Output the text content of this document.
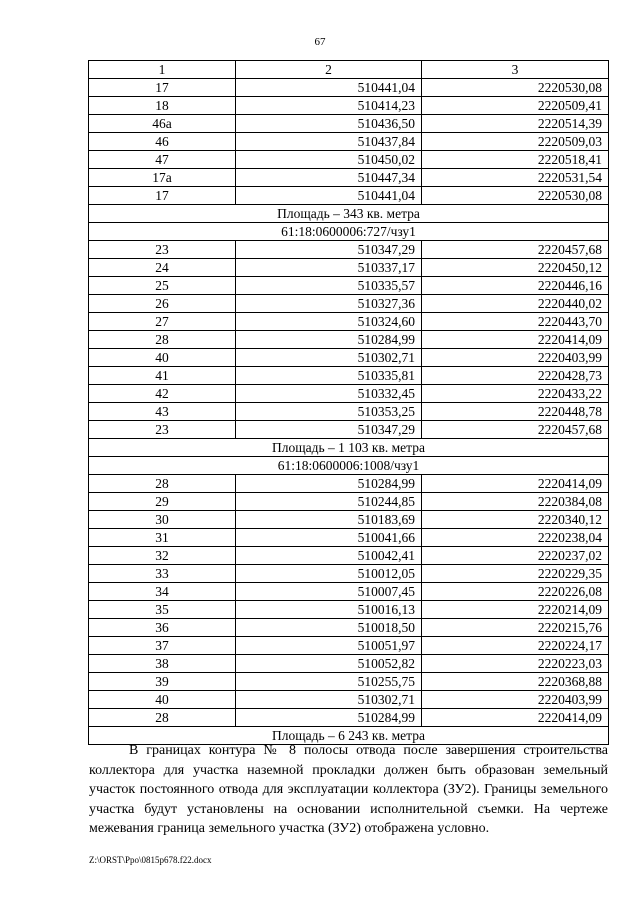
67
1	2	3
17	510441,04	2220530,08
18	510414,23	2220509,41
46а	510436,50	2220514,39
46	510437,84	2220509,03
47	510450,02	2220518,41
17а	510447,34	2220531,54
17	510441,04	2220530,08
Площадь – 343 кв. метра		
61:18:0600006:727/чзу1		
23	510347,29	2220457,68
24	510337,17	2220450,12
25	510335,57	2220446,16
26	510327,36	2220440,02
27	510324,60	2220443,70
28	510284,99	2220414,09
40	510302,71	2220403,99
41	510335,81	2220428,73
42	510332,45	2220433,22
43	510353,25	2220448,78
23	510347,29	2220457,68
Площадь – 1 103 кв. метра		
61:18:0600006:1008/чзу1		
28	510284,99	2220414,09
29	510244,85	2220384,08
30	510183,69	2220340,12
31	510041,66	2220238,04
32	510042,41	2220237,02
33	510012,05	2220229,35
34	510007,45	2220226,08
35	510016,13	2220214,09
36	510018,50	2220215,76
37	510051,97	2220224,17
38	510052,82	2220223,03
39	510255,75	2220368,88
40	510302,71	2220403,99
28	510284,99	2220414,09
Площадь – 6 243 кв. метра		

В границах контура № 8 полосы отвода после завершения строительства коллектора для участка наземной прокладки должен быть образован земельный участок постоянного отвода для эксплуатации коллектора (ЗУ2). Границы земельного участка будут установлены на основании исполнительной съемки. На чертеже межевания граница земельного участка (ЗУ2) отображена условно.

Z:\ORST\Ppo\0815p678.f22.docx
